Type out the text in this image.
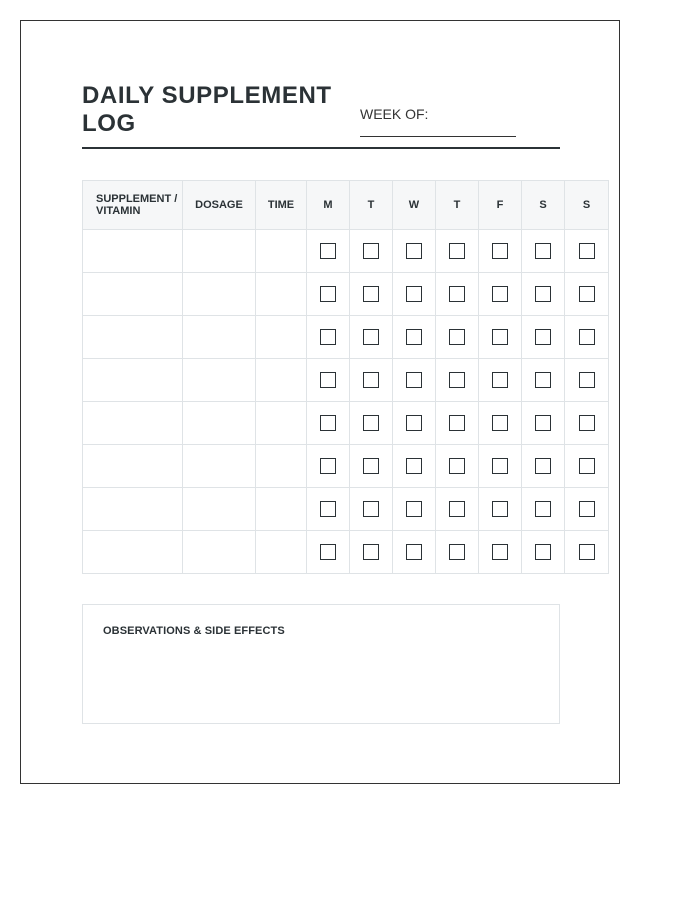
DAILY SUPPLEMENT LOG	WEEK OF:
SUPPLEMENT / VITAMIN	DOSAGE	TIME	M	T	W	T	F	S	S

OBSERVATIONS & SIDE EFFECTS
